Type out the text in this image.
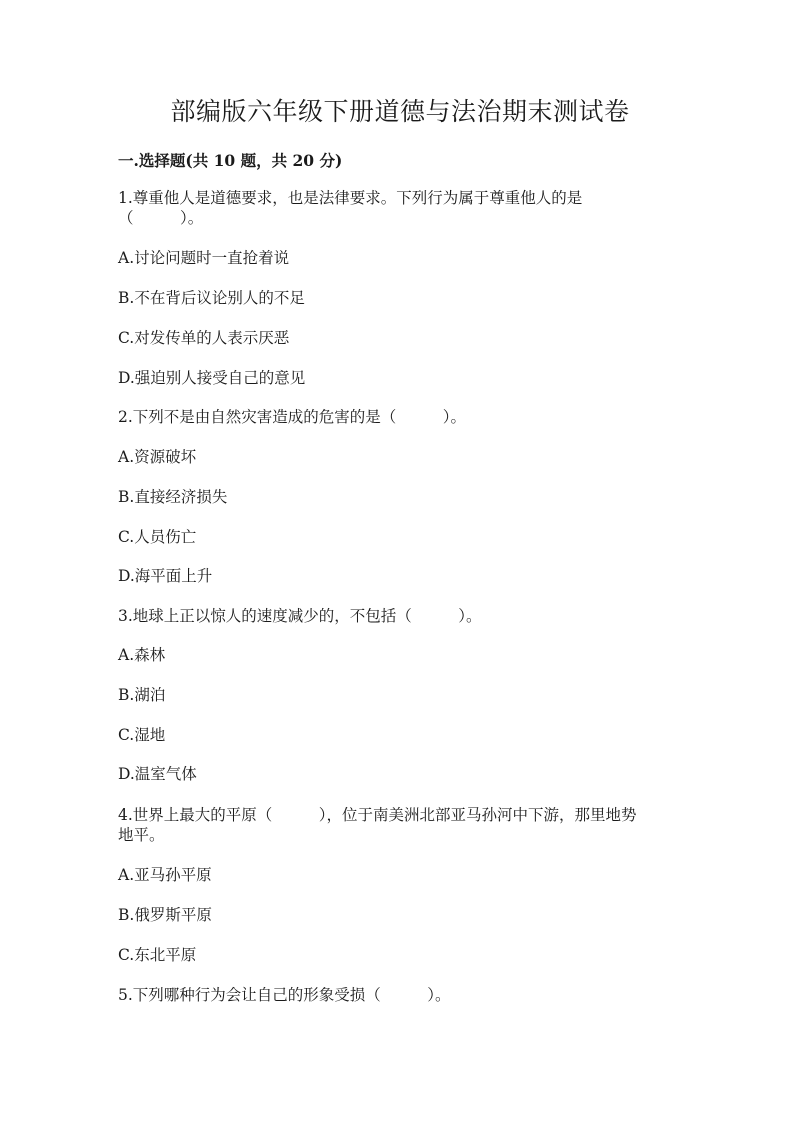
部编版六年级下册道德与法治期末测试卷
一.选择题(共 10 题，共 20 分)
1.尊重他人是道德要求，也是法律要求。下列行为属于尊重他人的是
（　　　）。
A.讨论问题时一直抢着说
B.不在背后议论别人的不足
C.对发传单的人表示厌恶
D.强迫别人接受自己的意见
2.下列不是由自然灾害造成的危害的是（　　　）。
A.资源破坏
B.直接经济损失
C.人员伤亡
D.海平面上升
3.地球上正以惊人的速度减少的，不包括（　　　）。
A.森林
B.湖泊
C.湿地
D.温室气体
4.世界上最大的平原（　　　），位于南美洲北部亚马孙河中下游，那里地势
地平。
A.亚马孙平原
B.俄罗斯平原
C.东北平原
5.下列哪种行为会让自己的形象受损（　　　）。
